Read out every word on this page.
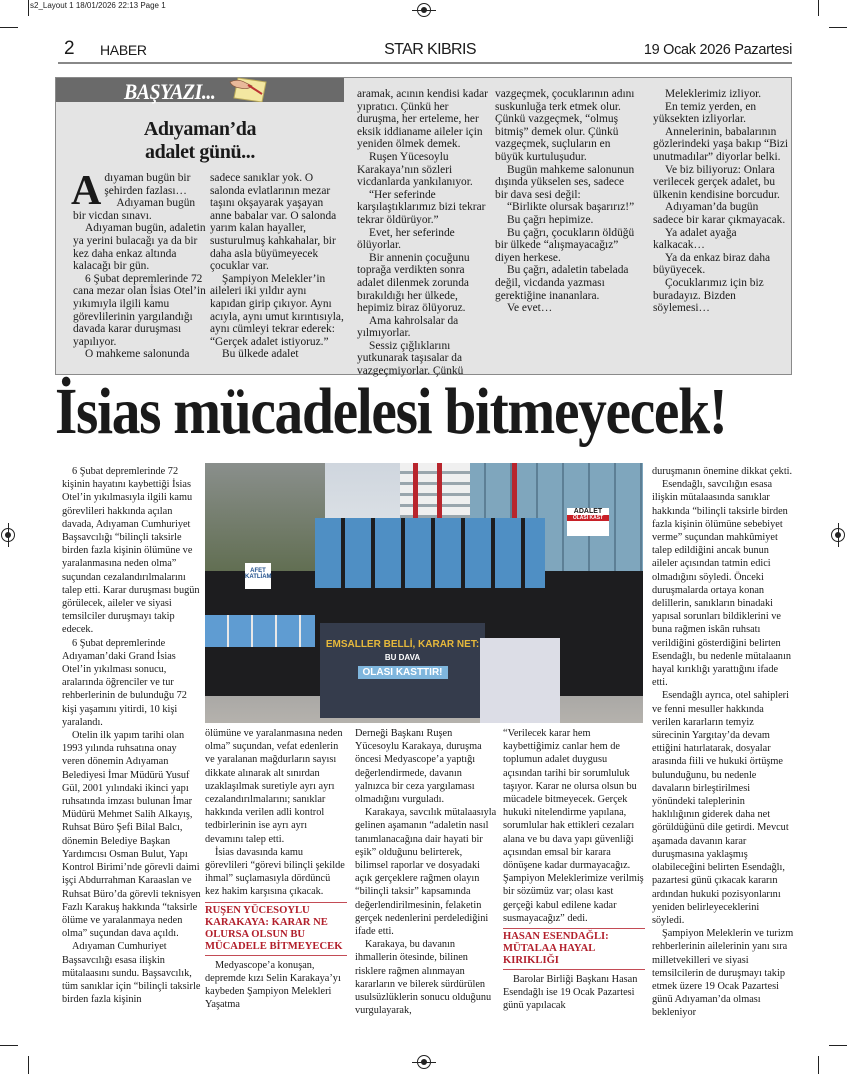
s2_Layout 1 18/01/2026 22:13 Page 1
2 HABER	STAR KIBRIS	19 Ocak 2026 Pazartesi
BAŞYAZI...
Adıyaman’da adalet günü...

Adıyaman bugün bir şehirden fazlası…

Adıyaman bugün bir vicdan sınavı.

Adıyaman bugün, adaletin ya yerini bulacağı ya da bir kez daha enkaz altında kalacağı bir gün.

6 Şubat depremlerinde 72 cana mezar olan İsias Otel’in yıkımıyla ilgili kamu görevlilerinin yargılandığı davada karar duruşması yapılıyor.

O mahkeme salonunda

sadece sanıklar yok. O salonda evlatlarının mezar taşını okşayarak yaşayan anne babalar var. O salonda yarım kalan hayaller, susturulmuş kahkahalar, bir daha asla büyümeyecek çocuklar var.

Şampiyon Melekler’in aileleri iki yıldır aynı kapıdan girip çıkıyor. Aynı acıyla, aynı umut kırıntısıyla, aynı cümleyi tekrar ederek: “Gerçek adalet istiyoruz.”

Bu ülkede adalet

aramak, acının kendisi kadar yıpratıcı. Çünkü her duruşma, her erteleme, her eksik iddianame aileler için yeniden ölmek demek.

Ruşen Yücesoylu Karakaya’nın sözleri vicdanlarda yankılanıyor.

“Her seferinde karşılaştıklarımız bizi tekrar tekrar öldürüyor.”

Evet, her seferinde ölüyorlar.

Bir annenin çocuğunu toprağa verdikten sonra adalet dilenmek zorunda bırakıldığı her ülkede, hepimiz biraz ölüyoruz.

Ama kahrolsalar da yılmıyorlar.

Sessiz çığlıklarını yutkunarak taşısalar da vazgeçmiyorlar. Çünkü

vazgeçmek, çocuklarının adını suskunluğa terk etmek olur. Çünkü vazgeçmek, “olmuş bitmiş” demek olur. Çünkü vazgeçmek, suçluların en büyük kurtuluşudur.

Bugün mahkeme salonunun dışında yükselen ses, sadece bir dava sesi değil:

“Birlikte olursak başarırız!”

Bu çağrı hepimize.

Bu çağrı, çocukların öldüğü bir ülkede “alışmayacağız” diyen herkese.

Bu çağrı, adaletin tabelada değil, vicdanda yazması gerektiğine inananlara.

Ve evet…

Meleklerimiz izliyor.

En temiz yerden, en yüksekten izliyorlar.

Annelerinin, babalarının gözlerindeki yaşa bakıp “Bizi unutmadılar” diyorlar belki.

Ve biz biliyoruz: Onlara verilecek gerçek adalet, bu ülkenin kendisine borcudur.

Adıyaman’da bugün sadece bir karar çıkmayacak.

Ya adalet ayağa kalkacak…

Ya da enkaz biraz daha büyüyecek.

Çocuklarımız için biz buradayız. Bizden söylemesi…

İsias mücadelesi bitmeyecek!
AFET KATLİAM
ADALET
OLASI KAST
EMSALLER BELLİ, KARAR NET:
BU DAVA
OLASI KASTTIR!

6 Şubat depremlerinde 72 kişinin hayatını kaybettiği İsias Otel’in yıkılmasıyla ilgili kamu görevlileri hakkında açılan davada, Adıyaman Cumhuriyet Başsavcılığı “bilinçli taksirle birden fazla kişinin ölümüne ve yaralanmasına neden olma” suçundan cezalandırılmalarını talep etti. Karar duruşması bugün görülecek, aileler ve siyasi temsilciler duruşmayı takip edecek.

6 Şubat depremlerinde Adıyaman’daki Grand İsias Otel’in yıkılması sonucu, aralarında öğrenciler ve tur rehberlerinin de bulunduğu 72 kişi yaşamını yitirdi, 10 kişi yaralandı.

Otelin ilk yapım tarihi olan 1993 yılında ruhsatına onay veren dönemin Adıyaman Belediyesi İmar Müdürü Yusuf Gül, 2001 yılındaki ikinci yapı ruhsatında imzası bulunan İmar Müdürü Mehmet Salih Alkayış, Ruhsat Büro Şefi Bilal Balcı, dönemin Belediye Başkan Yardımcısı Osman Bulut, Yapı Kontrol Birimi’nde görevli daimi işçi Abdurrahman Karaaslan ve Ruhsat Büro’da görevli teknisyen Fazlı Karakuş hakkında “taksirle ölüme ve yaralanmaya neden olma” suçundan dava açıldı.

Adıyaman Cumhuriyet Başsavcılığı esasa ilişkin mütalaasını sundu. Başsavcılık, tüm sanıklar için “bilinçli taksirle birden fazla kişinin

ölümüne ve yaralanmasına neden olma” suçundan, vefat edenlerin ve yaralanan mağdurların sayısı dikkate alınarak alt sınırdan uzaklaşılmak suretiyle ayrı ayrı cezalandırılmalarını; sanıklar hakkında verilen adli kontrol tedbirlerinin ise ayrı ayrı devamını talep etti.

İsias davasında kamu görevlileri “görevi bilinçli şekilde ihmal” suçlamasıyla dördüncü kez hakim karşısına çıkacak.

RUŞEN YÜCESOYLU KARAKAYA: KARAR NE OLURSA OLSUN BU MÜCADELE BİTMEYECEK

Medyascope’a konuşan, depremde kızı Selin Karakaya’yı kaybeden Şampiyon Melekleri Yaşatma

Derneği Başkanı Ruşen Yücesoylu Karakaya, duruşma öncesi Medyascope’a yaptığı değerlendirmede, davanın yalnızca bir ceza yargılaması olmadığını vurguladı.

Karakaya, savcılık mütalaasıyla gelinen aşamanın “adaletin nasıl tanımlanacağına dair hayati bir eşik” olduğunu belirterek, bilimsel raporlar ve dosyadaki açık gerçeklere rağmen olayın “bilinçli taksir” kapsamında değerlendirilmesinin, felaketin gerçek nedenlerini perdelediğini ifade etti.

Karakaya, bu davanın ihmallerin ötesinde, bilinen risklere rağmen alınmayan kararların ve bilerek sürdürülen usulsüzlüklerin sonucu olduğunu vurgulayarak,

“Verilecek karar hem kaybettiğimiz canlar hem de toplumun adalet duygusu açısından tarihi bir sorumluluk taşıyor. Karar ne olursa olsun bu mücadele bitmeyecek. Gerçek hukuki nitelendirme yapılana, sorumlular hak ettikleri cezaları alana ve bu dava yapı güvenliği açısından emsal bir karara dönüşene kadar durmayacağız. Şampiyon Meleklerimize verilmiş bir sözümüz var; olası kast gerçeği kabul edilene kadar susmayacağız” dedi.

HASAN ESENDAĞLI: MÜTALAA HAYAL KIRIKLIĞI

Barolar Birliği Başkanı Hasan Esendağlı ise 19 Ocak Pazartesi günü yapılacak

duruşmanın önemine dikkat çekti.

Esendağlı, savcılığın esasa ilişkin mütalaasında sanıklar hakkında “bilinçli taksirle birden fazla kişinin ölümüne sebebiyet verme” suçundan mahkûmiyet talep edildiğini ancak bunun aileler açısından tatmin edici olmadığını söyledi. Önceki duruşmalarda ortaya konan delillerin, sanıkların binadaki yapısal sorunları bildiklerini ve buna rağmen iskân ruhsatı verildiğini gösterdiğini belirten Esendağlı, bu nedenle mütalaanın hayal kırıklığı yarattığını ifade etti.

Esendağlı ayrıca, otel sahipleri ve fenni mesuller hakkında verilen kararların temyiz sürecinin Yargıtay’da devam ettiğini hatırlatarak, dosyalar arasında fiili ve hukuki örtüşme bulunduğunu, bu nedenle davaların birleştirilmesi yönündeki taleplerinin haklılığının giderek daha net görüldüğünü dile getirdi. Mevcut aşamada davanın karar duruşmasına yaklaşmış olabileceğini belirten Esendağlı, pazartesi günü çıkacak kararın ardından hukuki pozisyonlarını yeniden belirleyeceklerini söyledi.

Şampiyon Meleklerin ve turizm rehberlerinin ailelerinin yanı sıra milletvekilleri ve siyasi temsilcilerin de duruşmayı takip etmek üzere 19 Ocak Pazartesi günü Adıyaman’da olması bekleniyor
